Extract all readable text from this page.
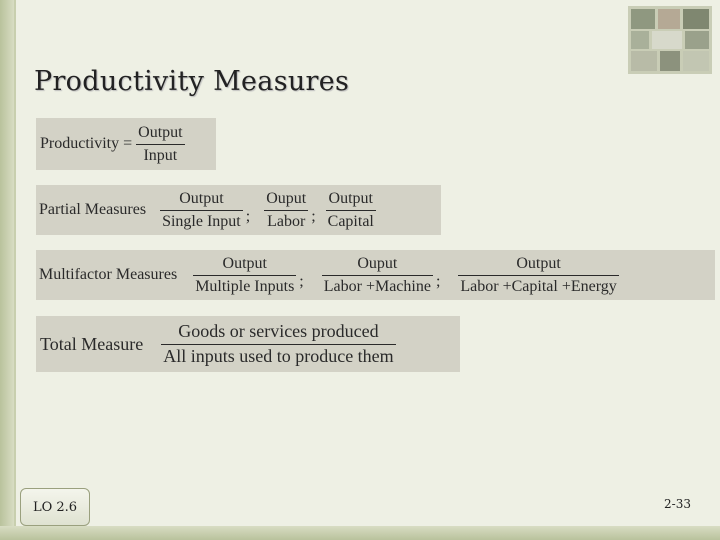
Productivity Measures
Productivity = $\frac{\text{Output}}{\text{Input}}$
Partial Measures $\frac{\text{Output}}{\text{Single Input}}$ ; $\frac{\text{Ouput}}{\text{Labor}}$ ; $\frac{\text{Output}}{\text{Capital}}$
Multifactor Measures $\frac{\text{Output}}{\text{Multiple Inputs}}$ ; $\frac{\text{Ouput}}{\text{Labor +Machine}}$ ; $\frac{\text{Output}}{\text{Labor +Capital +Energy}}$
Total Measure $\frac{\text{Goods or services produced}}{\text{All inputs used to produce them}}$
LO 2.6	2-33
